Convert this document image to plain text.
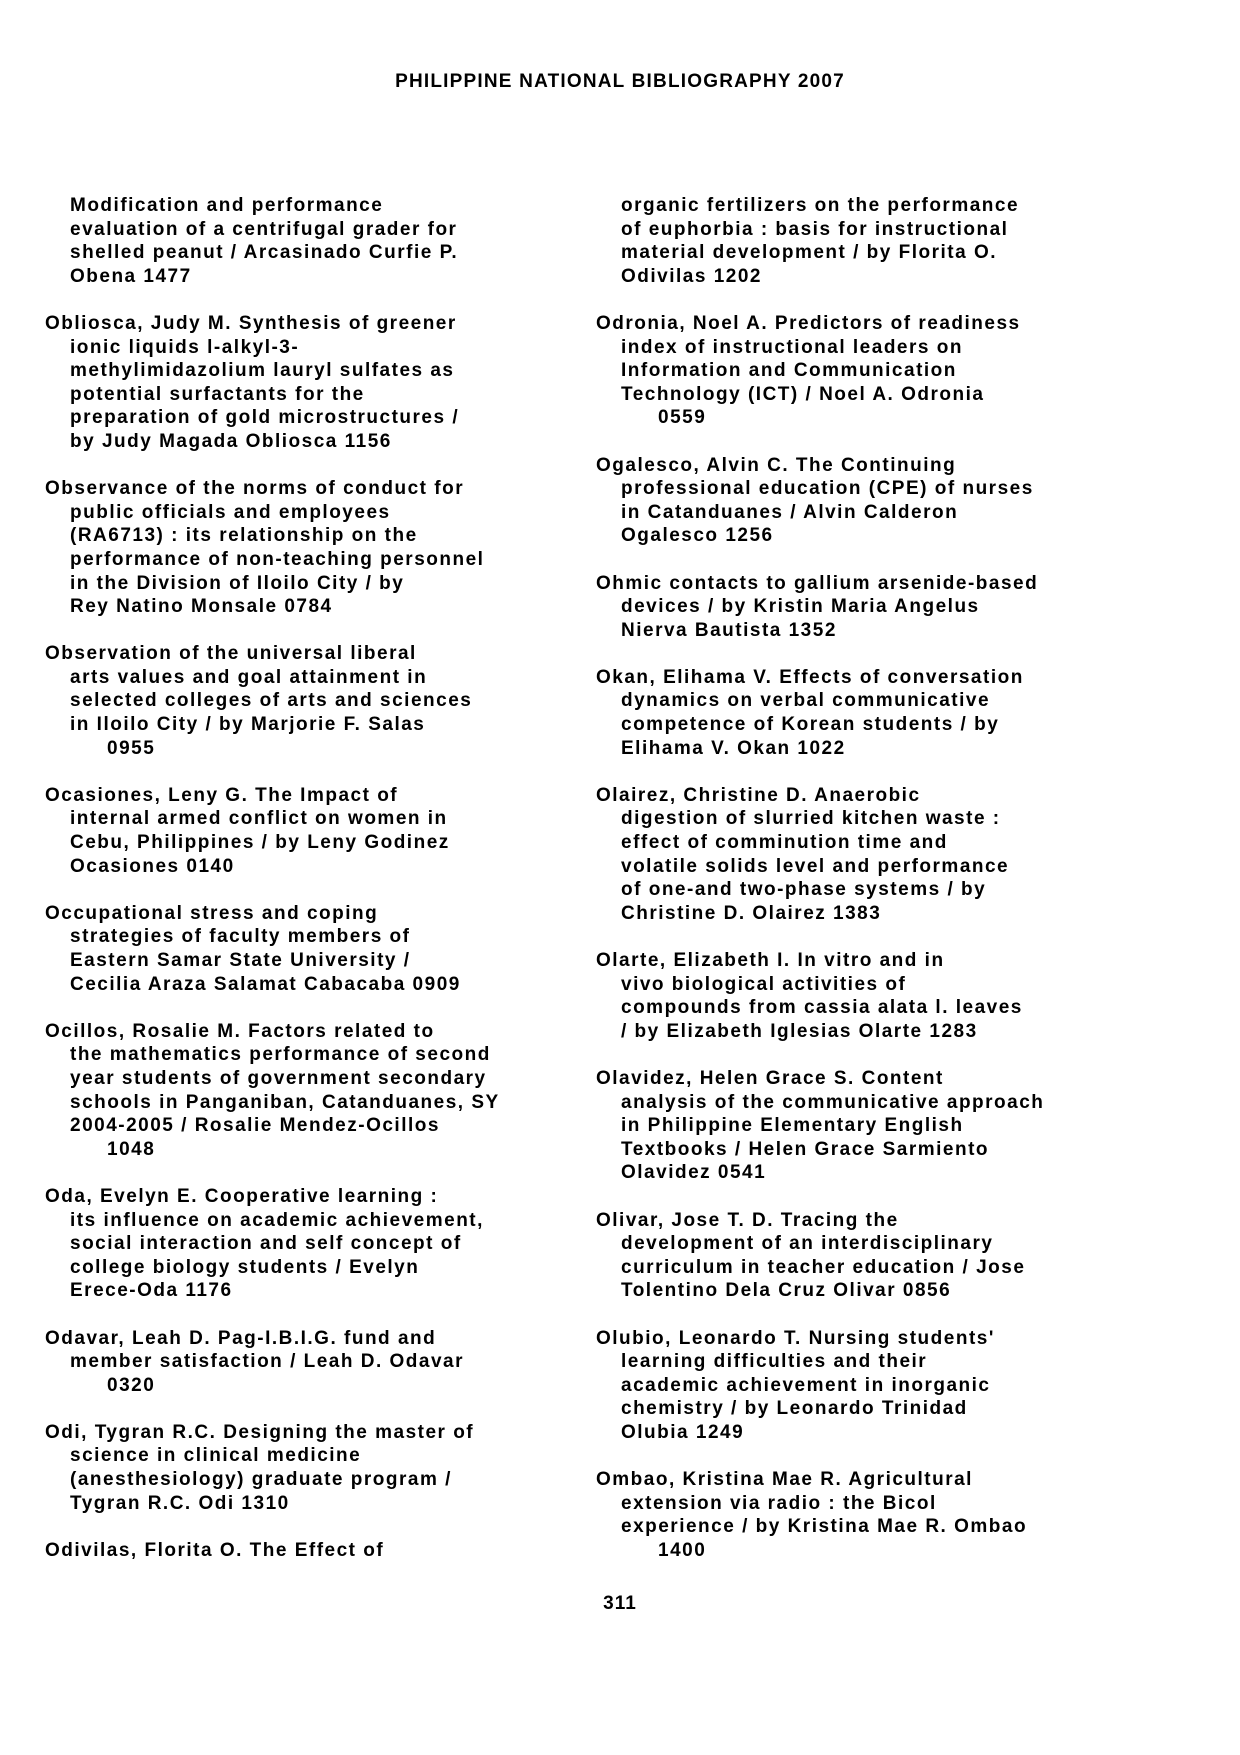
PHILIPPINE NATIONAL BIBLIOGRAPHY 2007
Modification and performance
evaluation of a centrifugal grader for
shelled peanut / Arcasinado Curfie P.
Obena 1477
Obliosca, Judy M. Synthesis of greener
ionic liquids l-alkyl-3-
methylimidazolium lauryl sulfates as
potential surfactants for the
preparation of gold microstructures /
by Judy Magada Obliosca 1156
Observance of the norms of conduct for
public officials and employees
(RA6713) : its relationship on the
performance of non-teaching personnel
in the Division of Iloilo City / by
Rey Natino Monsale 0784
Observation of the universal liberal
arts values and goal attainment in
selected colleges of arts and sciences
in Iloilo City / by Marjorie F. Salas
0955
Ocasiones, Leny G. The Impact of
internal armed conflict on women in
Cebu, Philippines / by Leny Godinez
Ocasiones 0140
Occupational stress and coping
strategies of faculty members of
Eastern Samar State University /
Cecilia Araza Salamat Cabacaba 0909
Ocillos, Rosalie M. Factors related to
the mathematics performance of second
year students of government secondary
schools in Panganiban, Catanduanes, SY
2004-2005 / Rosalie Mendez-Ocillos
1048
Oda, Evelyn E. Cooperative learning :
its influence on academic achievement,
social interaction and self concept of
college biology students / Evelyn
Erece-Oda 1176
Odavar, Leah D. Pag-I.B.I.G. fund and
member satisfaction / Leah D. Odavar
0320
Odi, Tygran R.C. Designing the master of
science in clinical medicine
(anesthesiology) graduate program /
Tygran R.C. Odi 1310
Odivilas, Florita O. The Effect of
organic fertilizers on the performance
of euphorbia : basis for instructional
material development / by Florita O.
Odivilas 1202
Odronia, Noel A. Predictors of readiness
index of instructional leaders on
Information and Communication
Technology (ICT) / Noel A. Odronia
0559
Ogalesco, Alvin C. The Continuing
professional education (CPE) of nurses
in Catanduanes / Alvin Calderon
Ogalesco 1256
Ohmic contacts to gallium arsenide-based
devices / by Kristin Maria Angelus
Nierva Bautista 1352
Okan, Elihama V. Effects of conversation
dynamics on verbal communicative
competence of Korean students / by
Elihama V. Okan 1022
Olairez, Christine D. Anaerobic
digestion of slurried kitchen waste :
effect of comminution time and
volatile solids level and performance
of one-and two-phase systems / by
Christine D. Olairez 1383
Olarte, Elizabeth I. In vitro and in
vivo biological activities of
compounds from cassia alata l. leaves
/ by Elizabeth Iglesias Olarte 1283
Olavidez, Helen Grace S. Content
analysis of the communicative approach
in Philippine Elementary English
Textbooks / Helen Grace Sarmiento
Olavidez 0541
Olivar, Jose T. D. Tracing the
development of an interdisciplinary
curriculum in teacher education / Jose
Tolentino Dela Cruz Olivar 0856
Olubio, Leonardo T. Nursing students'
learning difficulties and their
academic achievement in inorganic
chemistry / by Leonardo Trinidad
Olubia 1249
Ombao, Kristina Mae R. Agricultural
extension via radio : the Bicol
experience / by Kristina Mae R. Ombao
1400
311
